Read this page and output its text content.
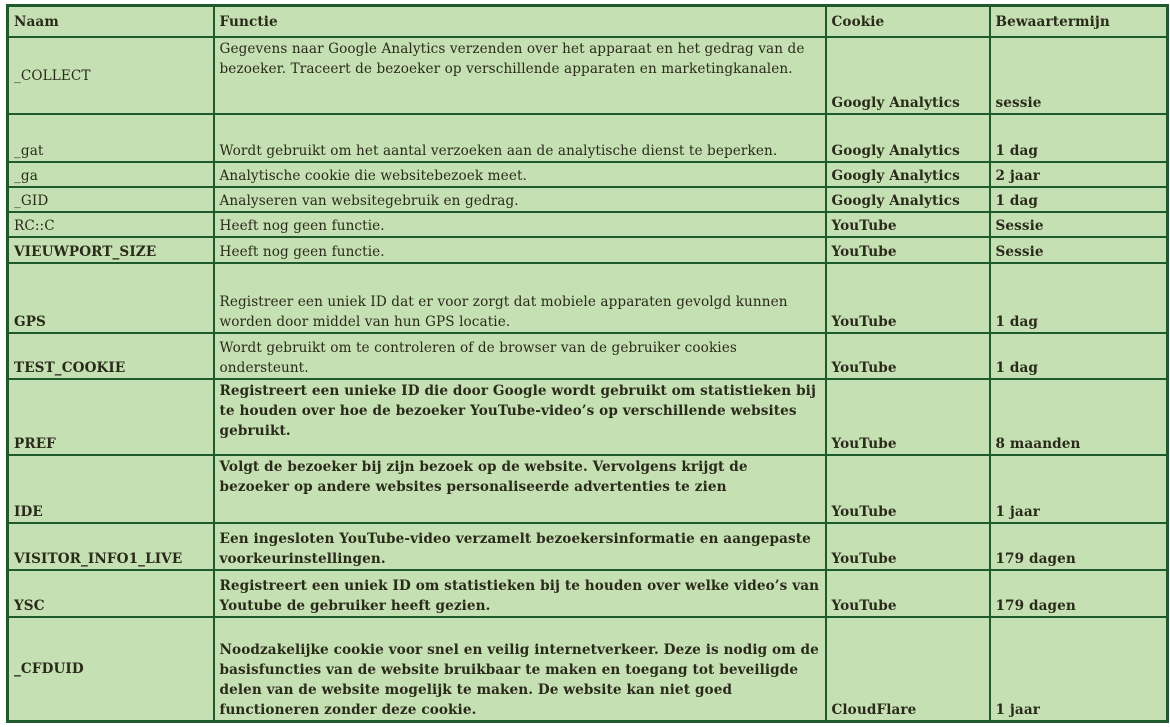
Naam	Functie	Cookie	Bewaartermijn
_COLLECT	Gegevens naar Google Analytics verzenden over het apparaat en het gedrag van de bezoeker. Traceert de bezoeker op verschillende apparaten en marketingkanalen.	Googly Analytics	sessie
_gat	Wordt gebruikt om het aantal verzoeken aan de analytische dienst te beperken.	Googly Analytics	1 dag
_ga	Analytische cookie die websitebezoek meet.	Googly Analytics	2 jaar
_GID	Analyseren van websitegebruik en gedrag.	Googly Analytics	1 dag
RC::C	Heeft nog geen functie.	YouTube	Sessie
VIEUWPORT_SIZE	Heeft nog geen functie.	YouTube	Sessie
GPS	Registreer een uniek ID dat er voor zorgt dat mobiele apparaten gevolgd kunnen worden door middel van hun GPS locatie.	YouTube	1 dag
TEST_COOKIE	Wordt gebruikt om te controleren of de browser van de gebruiker cookies ondersteunt.	YouTube	1 dag
PREF	Registreert een unieke ID die door Google wordt gebruikt om statistieken bij te houden over hoe de bezoeker YouTube-video’s op verschillende websites gebruikt.	YouTube	8 maanden
IDE	Volgt de bezoeker bij zijn bezoek op de website. Vervolgens krijgt de bezoeker op andere websites personaliseerde advertenties te zien	YouTube	1 jaar
VISITOR_INFO1_LIVE	Een ingesloten YouTube-video verzamelt bezoekersinformatie en aangepaste voorkeurinstellingen.	YouTube	179 dagen
YSC	Registreert een uniek ID om statistieken bij te houden over welke video’s van Youtube de gebruiker heeft gezien.	YouTube	179 dagen
_CFDUID	Noodzakelijke cookie voor snel en veilig internetverkeer. Deze is nodig om de basisfuncties van de website bruikbaar te maken en toegang tot beveiligde delen van de website mogelijk te maken. De website kan niet goed functioneren zonder deze cookie.	CloudFlare	1 jaar
